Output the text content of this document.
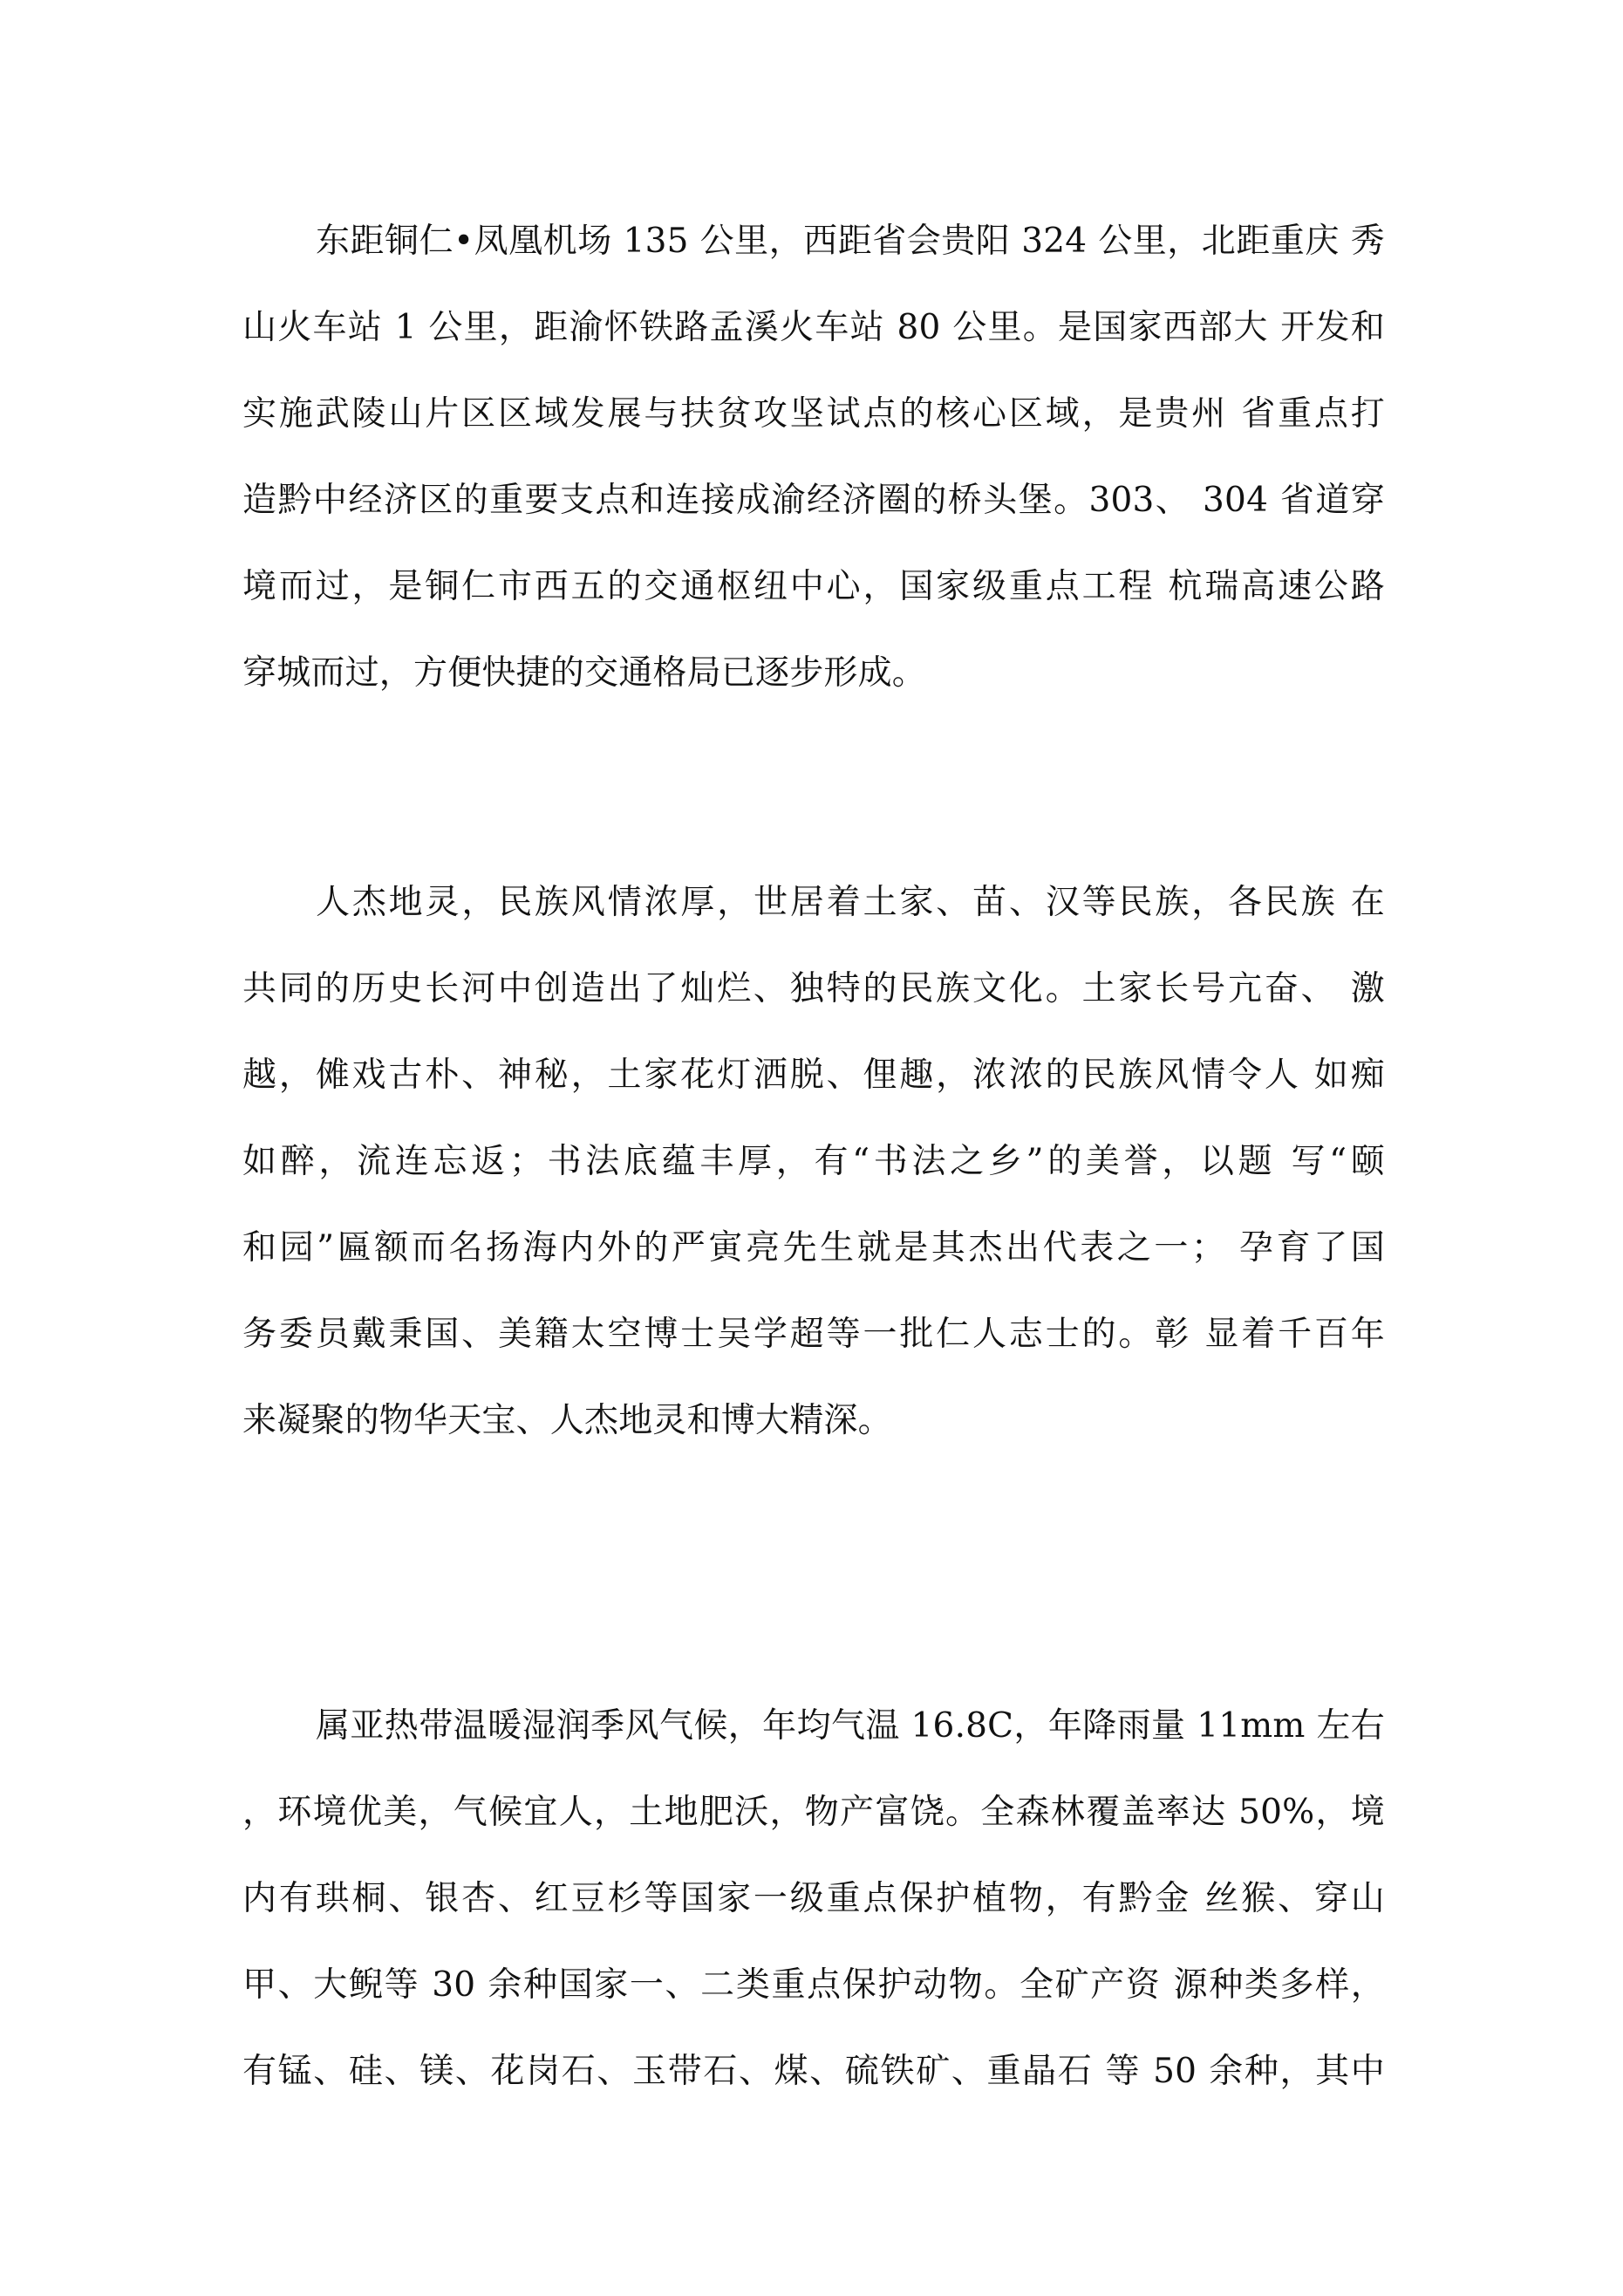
东距铜仁•凤凰机场 135 公里，西距省会贵阳 324 公里，北距重庆 秀
山火车站 1 公里，距渝怀铁路孟溪火车站 80 公里。是国家西部大 开发和
实施武陵山片区区域发展与扶贫攻坚试点的核心区域，是贵州 省重点打
造黔中经济区的重要支点和连接成渝经济圈的桥头堡。303、 304 省道穿
境而过，是铜仁市西五的交通枢纽中心，国家级重点工程 杭瑞高速公路
穿城而过，方便快捷的交通格局已逐步形成。
人杰地灵，民族风情浓厚，世居着土家、苗、汉等民族，各民族 在
共同的历史长河中创造出了灿烂、独特的民族文化。土家长号亢奋、 激
越，傩戏古朴、神秘，土家花灯洒脱、俚趣，浓浓的民族风情令人 如痴
如醉，流连忘返；书法底蕴丰厚，有“书法之乡”的美誉，以题 写“颐
和园”匾额而名扬海内外的严寅亮先生就是其杰出代表之一； 孕育了国
务委员戴秉国、美籍太空博士吴学超等一批仁人志士的。彰 显着千百年
来凝聚的物华天宝、人杰地灵和博大精深。
属亚热带温暖湿润季风气候，年均气温 16.8C，年降雨量 11mm 左右
，环境优美，气候宜人，土地肥沃，物产富饶。全森林覆盖率达 50%，境
内有珙桐、银杏、红豆杉等国家一级重点保护植物，有黔金 丝猴、穿山
甲、大鲵等 30 余种国家一、二类重点保护动物。全矿产资 源种类多样，
有锰、硅、镁、花岗石、玉带石、煤、硫铁矿、重晶石 等 50 余种，其中
